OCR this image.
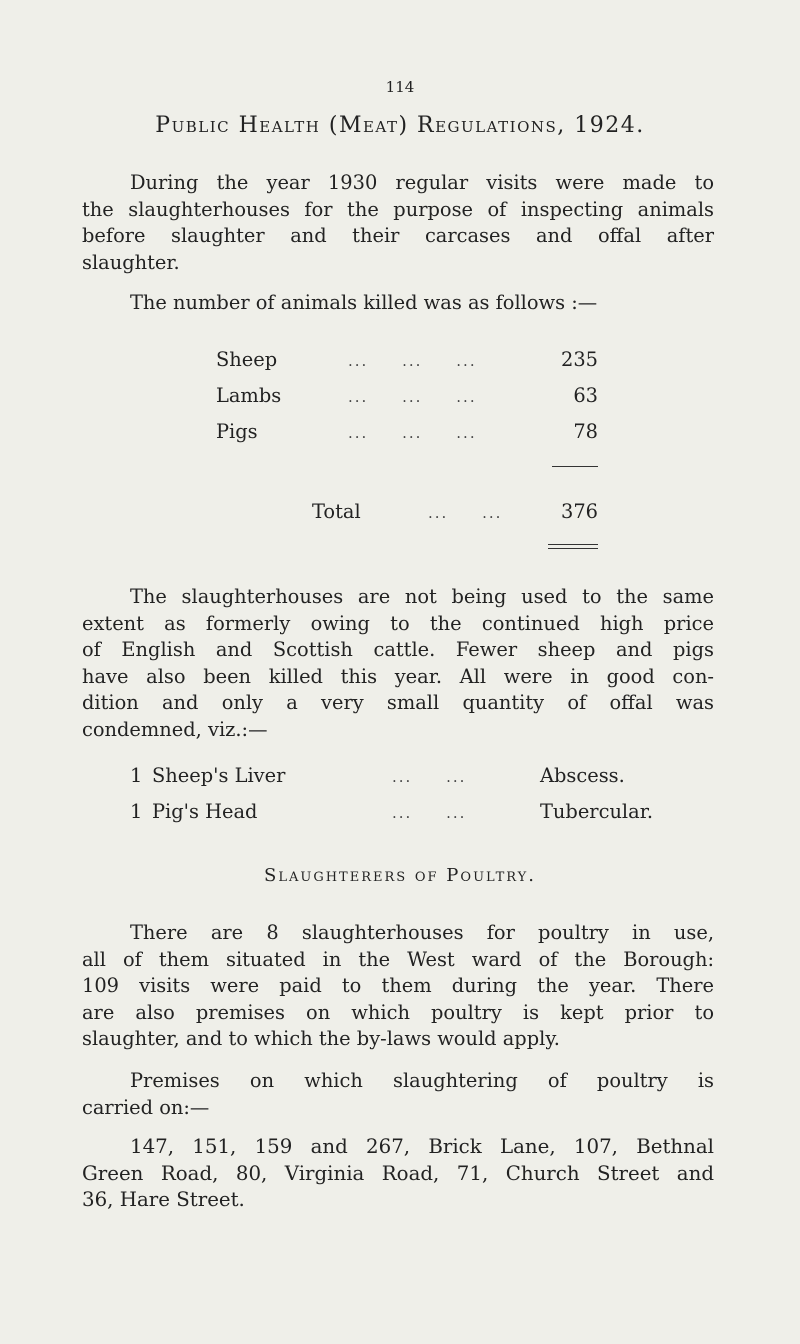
114
Public Health (Meat) Regulations, 1924.
During the year 1930 regular visits were made to
the slaughterhouses for the purpose of inspecting animals
before slaughter and their carcases and offal after
slaughter.
The number of animals killed was as follows :—
Sheep	...     ...     ...	235
Lambs	...     ...     ...	63
Pigs	...     ...     ...	78
Total	...     ...	376
The slaughterhouses are not being used to the same
extent as formerly owing to the continued high price
of English and Scottish cattle. Fewer sheep and pigs
have also been killed this year. All were in good con-
dition and only a very small quantity of offal was
condemned, viz.:—
1 Sheep's Liver	...     ...	Abscess.
1 Pig's Head	...     ...	Tubercular.
Slaughterers of Poultry.
There are 8 slaughterhouses for poultry in use,
all of them situated in the West ward of the Borough:
109 visits were paid to them during the year. There
are also premises on which poultry is kept prior to
slaughter, and to which the by-laws would apply.
Premises on which slaughtering of poultry is
carried on:—
147, 151, 159 and 267, Brick Lane, 107, Bethnal
Green Road, 80, Virginia Road, 71, Church Street and
36, Hare Street.
